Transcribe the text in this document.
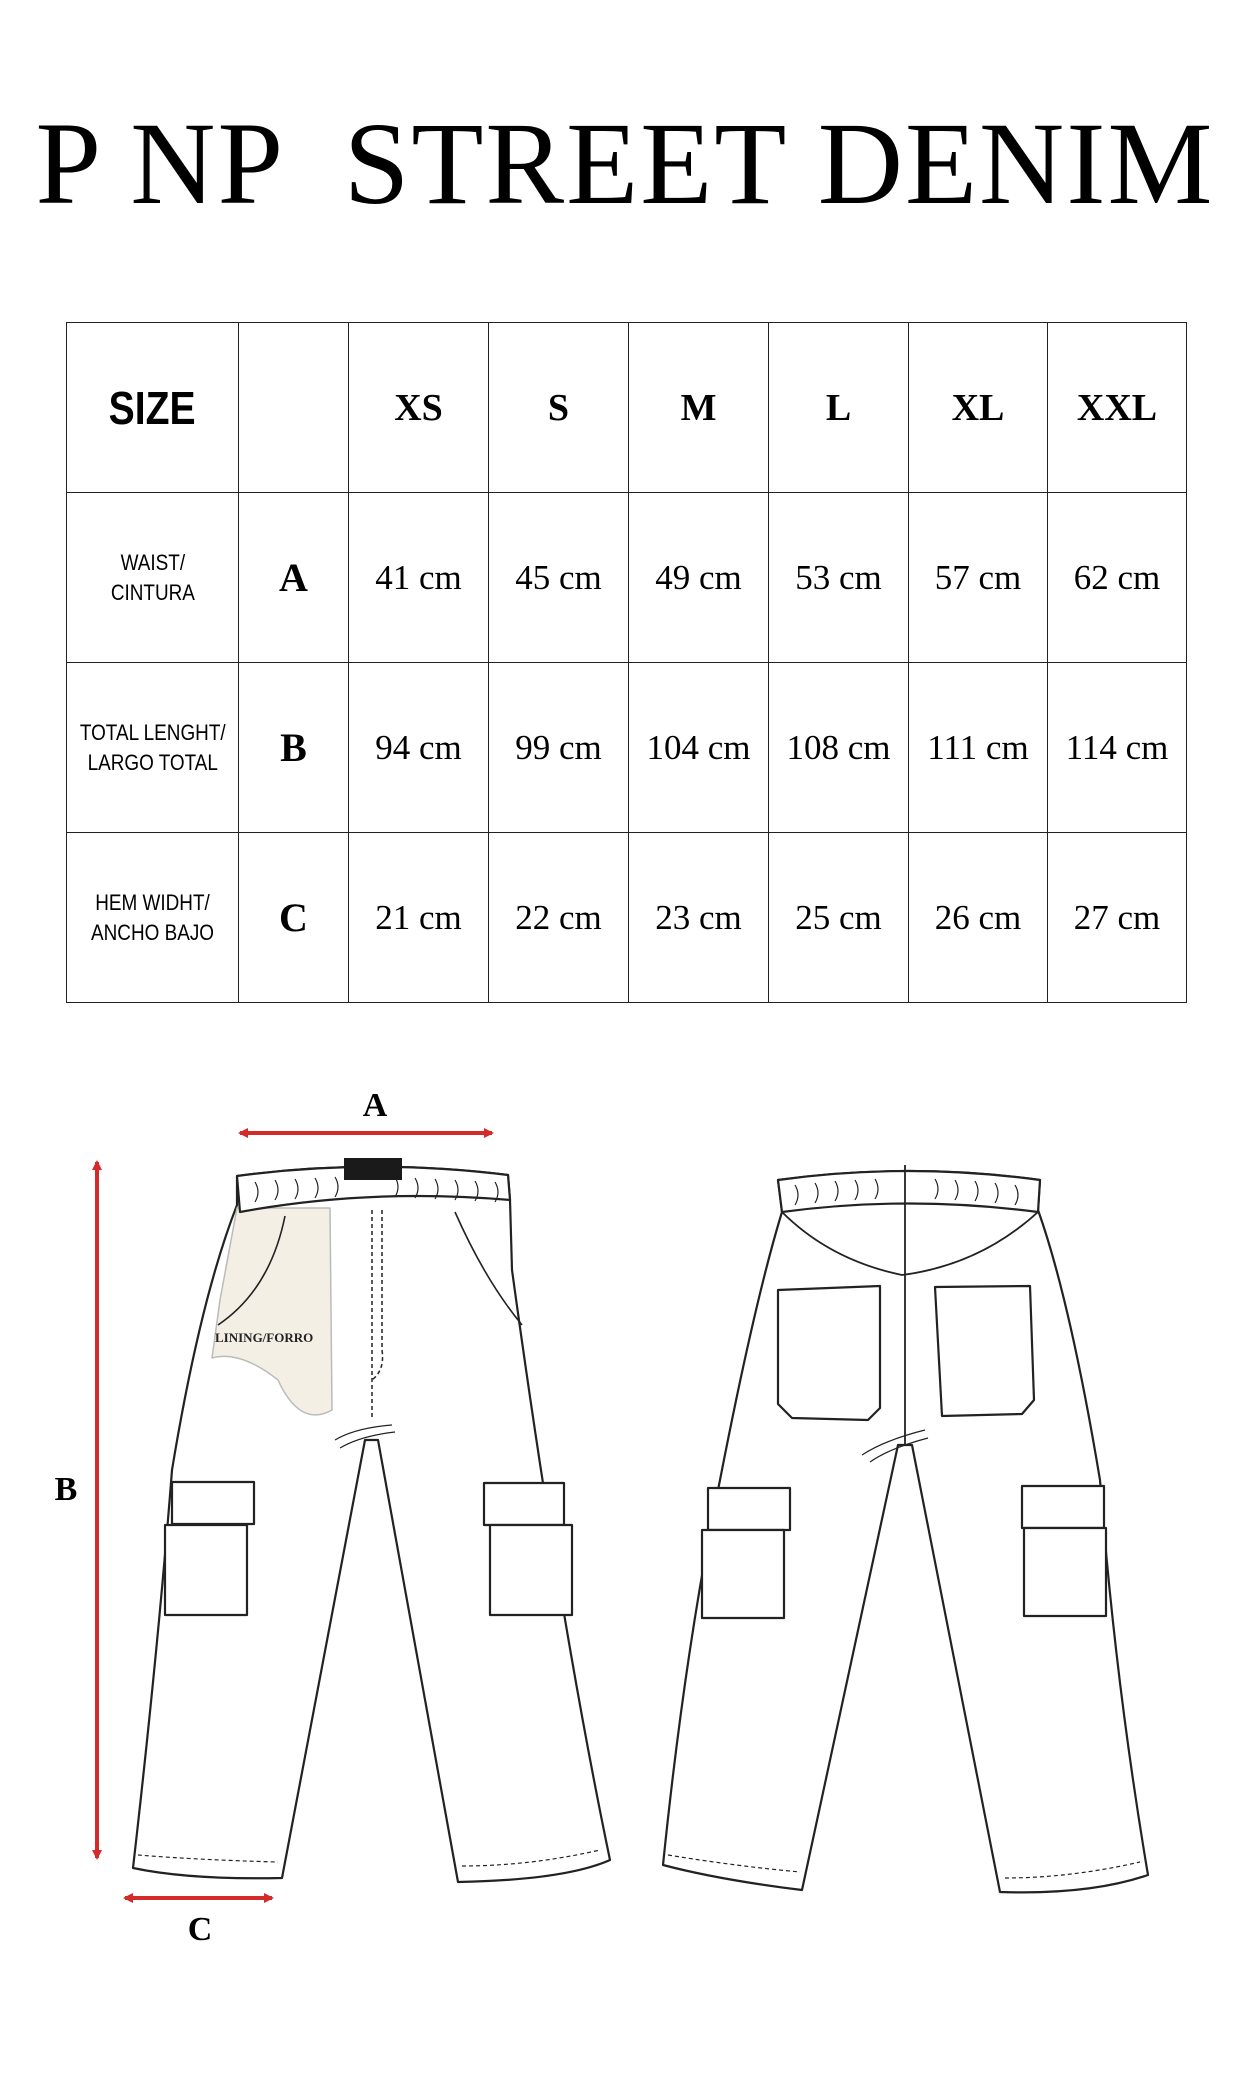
P NP  STREET DENIM
SIZE		XS	S	M	L	XL	XXL
WAIST/
CINTURA	A	41 cm	45 cm	49 cm	53 cm	57 cm	62 cm
TOTAL LENGHT/
LARGO TOTAL	B	94 cm	99 cm	104 cm	108 cm	111 cm	114 cm
HEM WIDHT/
ANCHO BAJO	C	21 cm	22 cm	23 cm	25 cm	26 cm	27 cm
A
B
C
LINING/FORRO
